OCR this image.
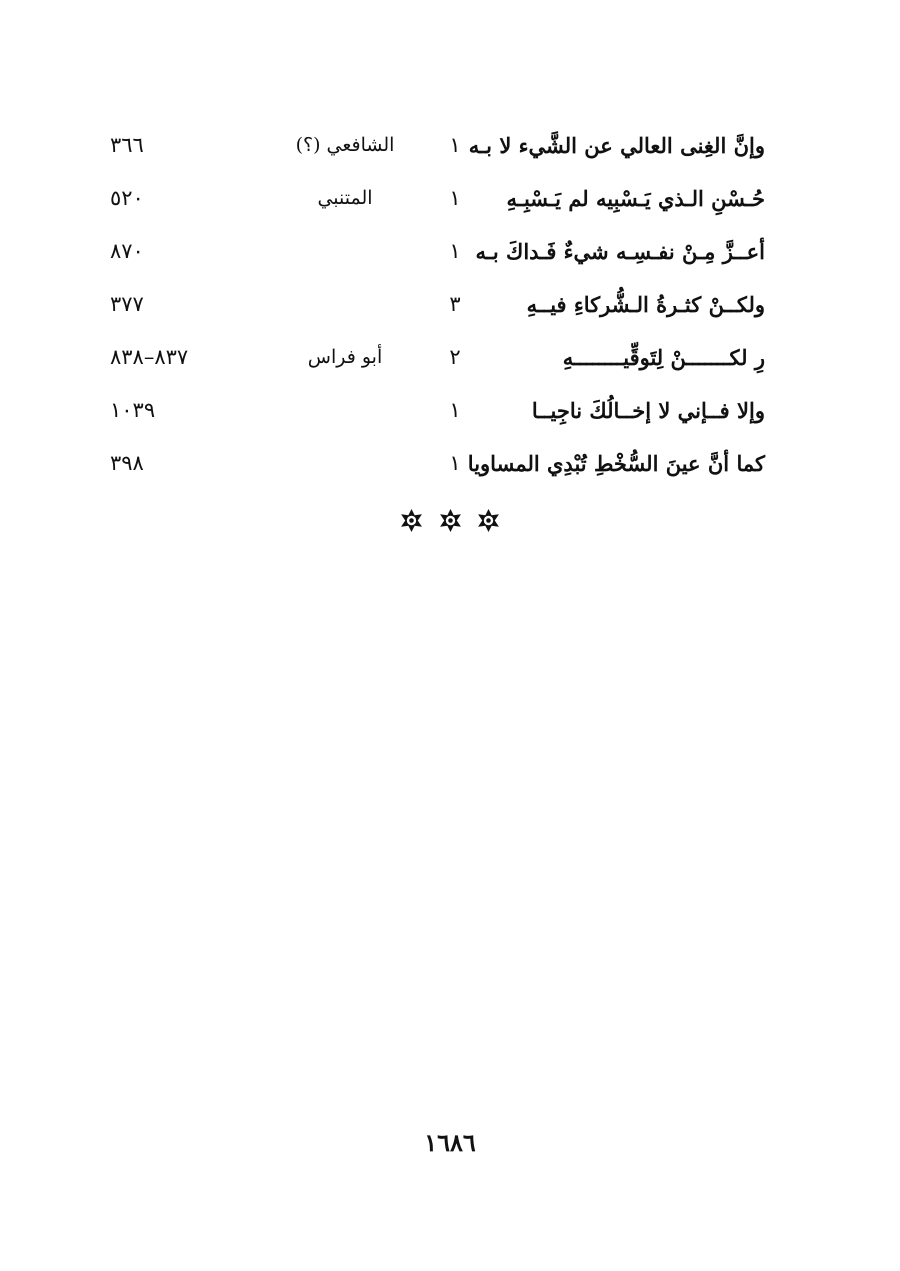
وإنَّ الغِنى العالي عن الشَّيء لا بـه
١
الشافعي (؟)
٣٦٦
حُـسْنِ الـذي يَـسْبِيه لم يَـسْبِـهِ
١
المتنبي
٥٢٠
أعــزَّ مِـنْ نفـسِـه شيءٌ فَـداكَ بـه
١
٨٧٠
ولكــنْ كثـرةُ الـشُّركاءِ فيــهِ
٣
٣٧٧
رِ لكـــــــنْ لِتَوقِّيــــــــهِ
٢
أبو فراس
٨٣٧–٨٣٨
وإلا فــإني لا إخــالُكَ ناجِيــا
١
١٠٣٩
كما أنَّ عينَ السُّخْطِ تُبْدِي المساويا
١
٣٩٨

١٦٨٦
